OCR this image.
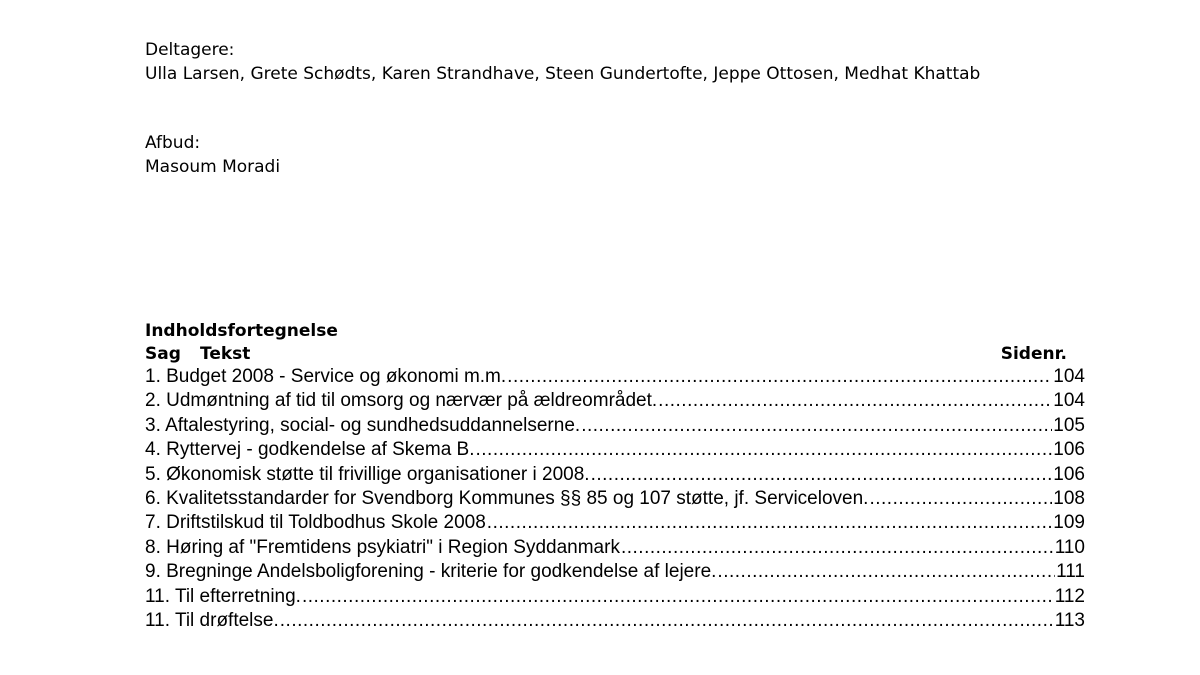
Deltagere:

Ulla Larsen, Grete Schødts, Karen Strandhave, Steen Gundertofte, Jeppe Ottosen, Medhat Khattab

Afbud:

Masoum Moradi

Indholdsfortegnelse
Sag	Tekst	Sidenr.
1. Budget 2008 - Service og økonomi m.m. .....	104
2. Udmøntning af tid til omsorg og nærvær på ældreområdet. .....	104
3. Aftalestyring, social- og sundhedsuddannelserne. .....	105
4. Ryttervej - godkendelse af Skema B. .....	106
5. Økonomisk støtte til frivillige organisationer i 2008. .....	106
6. Kvalitetsstandarder for Svendborg Kommunes §§ 85 og 107 støtte, jf. Serviceloven. .....	108
7. Driftstilskud til Toldbodhus Skole 2008 .....	109
8. Høring af "Fremtidens psykiatri" i Region Syddanmark .....	110
9. Bregninge Andelsboligforening - kriterie for godkendelse af lejere. .....	111
11. Til efterretning. .....	112
11. Til drøftelse. .....	113
